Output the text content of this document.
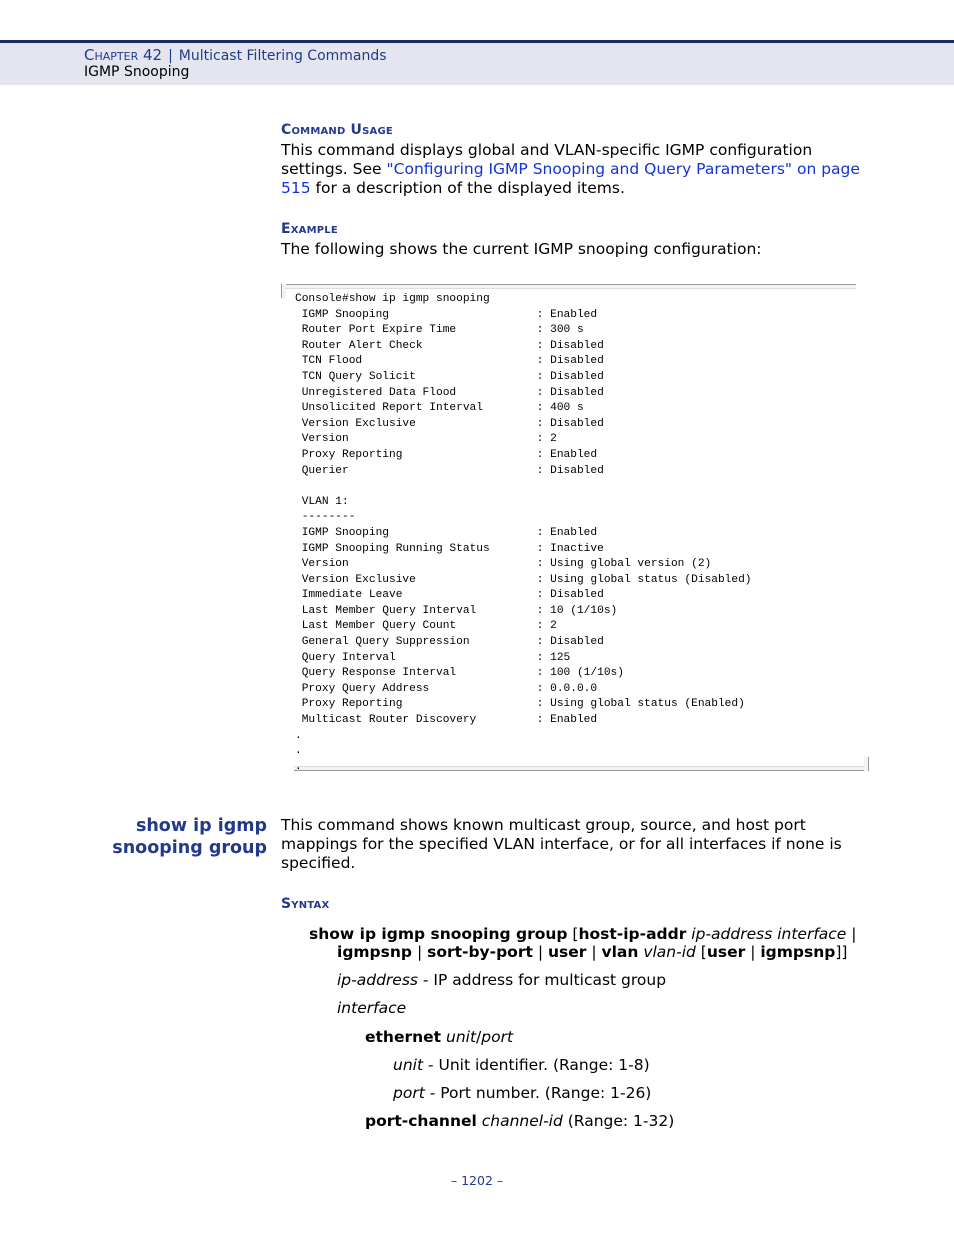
Chapter 42 | Multicast Filtering Commands
IGMP Snooping
Command Usage
This command displays global and VLAN-specific IGMP configuration settings. See "Configuring IGMP Snooping and Query Parameters" on page 515 for a description of the displayed items.
Example
The following shows the current IGMP snooping configuration:
Console#show ip igmp snooping
IGMP Snooping                      : Enabled
Router Port Expire Time            : 300 s
Router Alert Check                 : Disabled
TCN Flood                          : Disabled
TCN Query Solicit                  : Disabled
Unregistered Data Flood            : Disabled
Unsolicited Report Interval        : 400 s
Version Exclusive                  : Disabled
Version                            : 2
Proxy Reporting                    : Enabled
Querier                            : Disabled

VLAN 1:
--------
IGMP Snooping                      : Enabled
IGMP Snooping Running Status       : Inactive
Version                            : Using global version (2)
Version Exclusive                  : Using global status (Disabled)
Immediate Leave                    : Disabled
Last Member Query Interval         : 10 (1/10s)
Last Member Query Count            : 2
General Query Suppression          : Disabled
Query Interval                     : 125
Query Response Interval            : 100 (1/10s)
Proxy Query Address                : 0.0.0.0
Proxy Reporting                    : Using global status (Enabled)
Multicast Router Discovery         : Enabled
.
.
.
show ip igmp
snooping group
This command shows known multicast group, source, and host port mappings for the specified VLAN interface, or for all interfaces if none is specified.
Syntax
show ip igmp snooping group [host-ip-addr ip-address interface |
igmpsnp | sort-by-port | user | vlan vlan-id [user | igmpsnp]]
ip-address - IP address for multicast group
interface
ethernet unit/port
unit - Unit identifier. (Range: 1-8)
port - Port number. (Range: 1-26)
port-channel channel-id (Range: 1-32)
– 1202 –
